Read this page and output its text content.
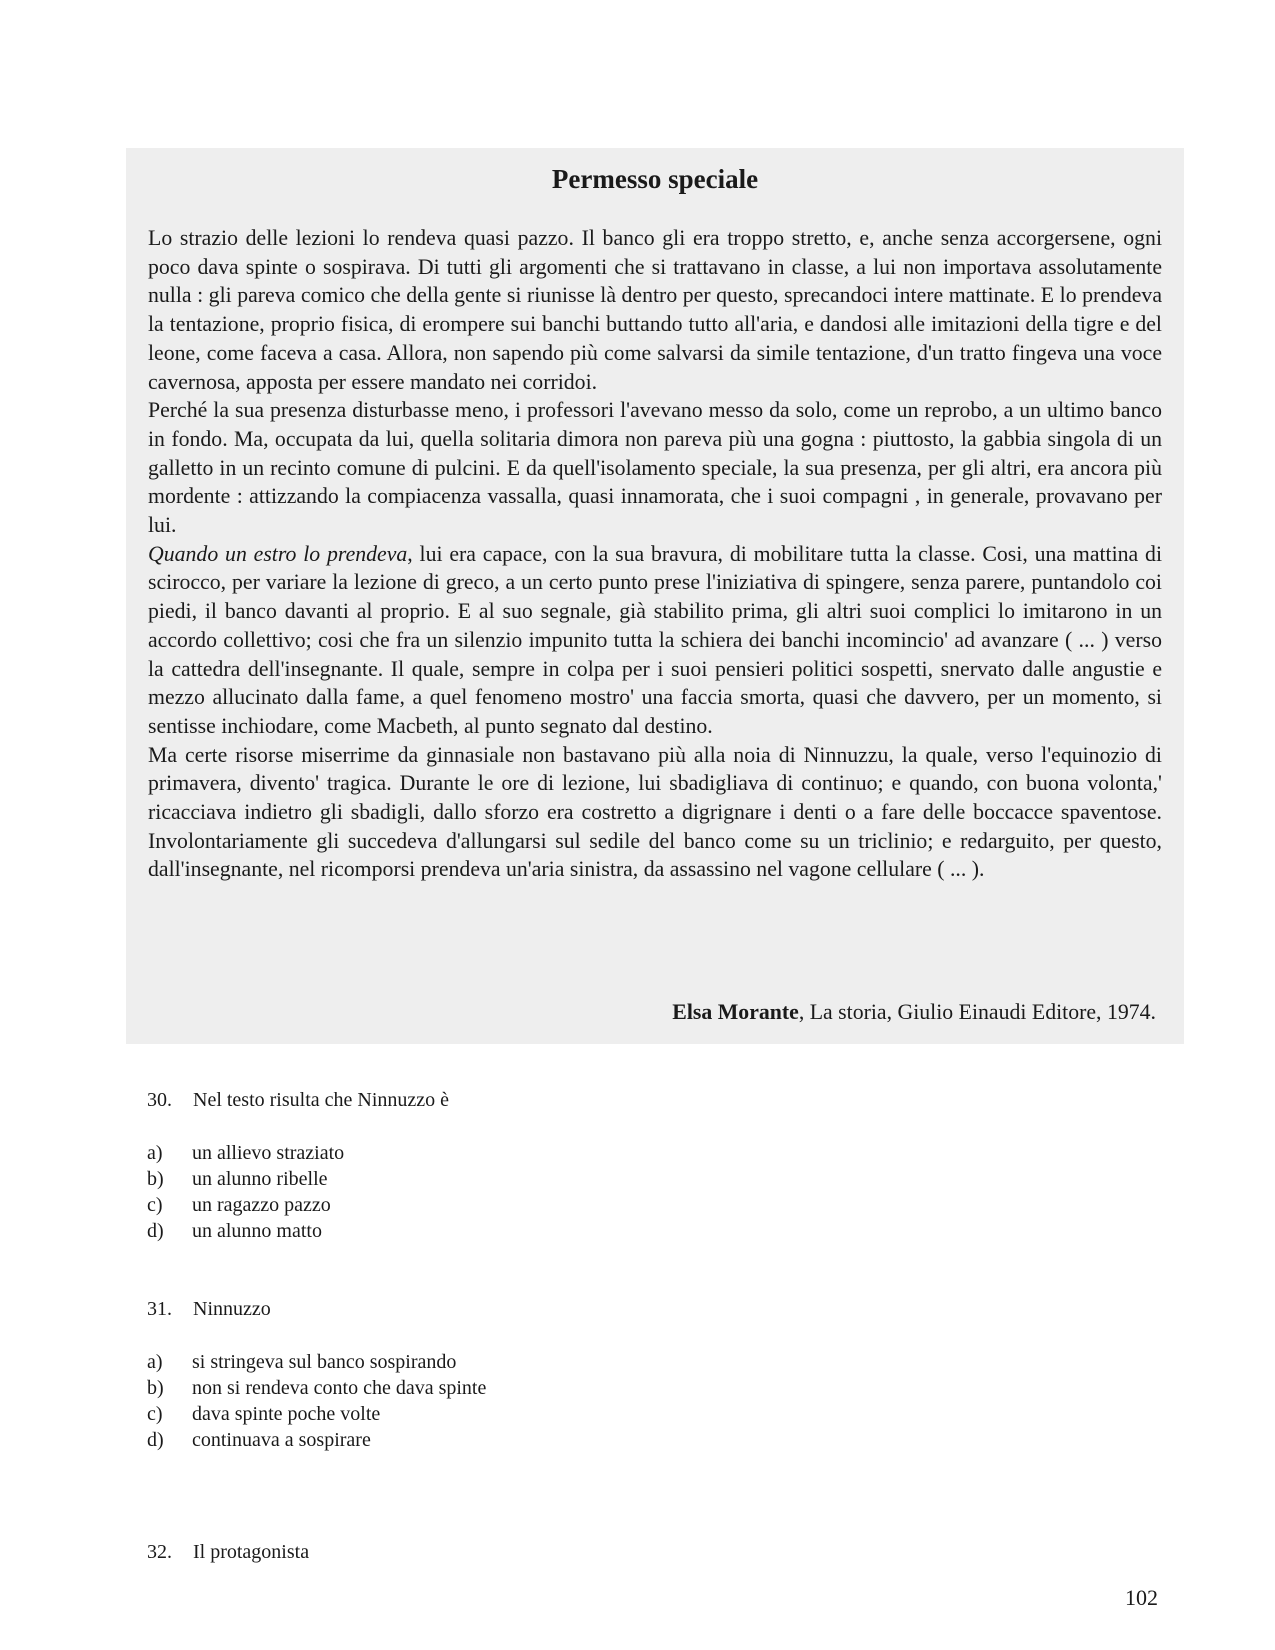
Permesso speciale

Lo strazio delle lezioni lo rendeva quasi pazzo. Il banco gli era troppo stretto, e, anche senza accorgersene, ogni poco dava spinte o sospirava. Di tutti gli argomenti che si trattavano in classe, a lui non importava assolutamente nulla : gli pareva comico che della gente si riunisse là dentro per questo, sprecandoci intere mattinate. E lo prendeva la tentazione, proprio fisica, di erompere sui banchi buttando tutto all'aria, e dandosi alle imitazioni della tigre e del leone, come faceva a casa. Allora, non sapendo più come salvarsi da simile tentazione, d'un tratto fingeva una voce cavernosa, apposta per essere mandato nei corridoi.

Perché la sua presenza disturbasse meno, i professori l'avevano messo da solo, come un reprobo, a un ultimo banco in fondo. Ma, occupata da lui, quella solitaria dimora non pareva più una gogna : piuttosto, la gabbia singola di un galletto in un recinto comune di pulcini. E da quell'isolamento speciale, la sua presenza, per gli altri, era ancora più mordente : attizzando la compiacenza vassalla, quasi innamorata, che i suoi compagni , in generale, provavano per lui.

Quando un estro lo prendeva, lui era capace, con la sua bravura, di mobilitare tutta la classe. Cosi, una mattina di scirocco, per variare la lezione di greco, a un certo punto prese l'iniziativa di spingere, senza parere, puntandolo coi piedi, il banco davanti al proprio. E al suo segnale, già stabilito prima, gli altri suoi complici lo imitarono in un accordo collettivo; cosi che fra un silenzio impunito tutta la schiera dei banchi incomincio' ad avanzare ( ... ) verso la cattedra dell'insegnante. Il quale, sempre in colpa per i suoi pensieri politici sospetti, snervato dalle angustie e mezzo allucinato dalla fame, a quel fenomeno mostro' una faccia smorta, quasi che davvero, per un momento, si sentisse inchiodare, come Macbeth, al punto segnato dal destino.

Ma certe risorse miserrime da ginnasiale non bastavano più alla noia di Ninnuzzu, la quale, verso l'equinozio di primavera, divento' tragica. Durante le ore di lezione, lui sbadigliava di continuo; e quando, con buona volonta,' ricacciava indietro gli sbadigli, dallo sforzo era costretto a digrignare i denti o a fare delle boccacce spaventose. Involontariamente gli succedeva d'allungarsi sul sedile del banco come su un triclinio; e redarguito, per questo, dall'insegnante, nel ricomporsi prendeva un'aria sinistra, da assassino nel vagone cellulare ( ... ).

Elsa Morante, La storia, Giulio Einaudi Editore, 1974.
30. Nel testo risulta che Ninnuzzo è
a) un allievo straziato
b) un alunno ribelle
c) un ragazzo pazzo
d) un alunno matto
31. Ninnuzzo
a) si stringeva sul banco sospirando
b) non si rendeva conto che dava spinte
c) dava spinte poche volte
d) continuava a sospirare
32. Il protagonista
102
